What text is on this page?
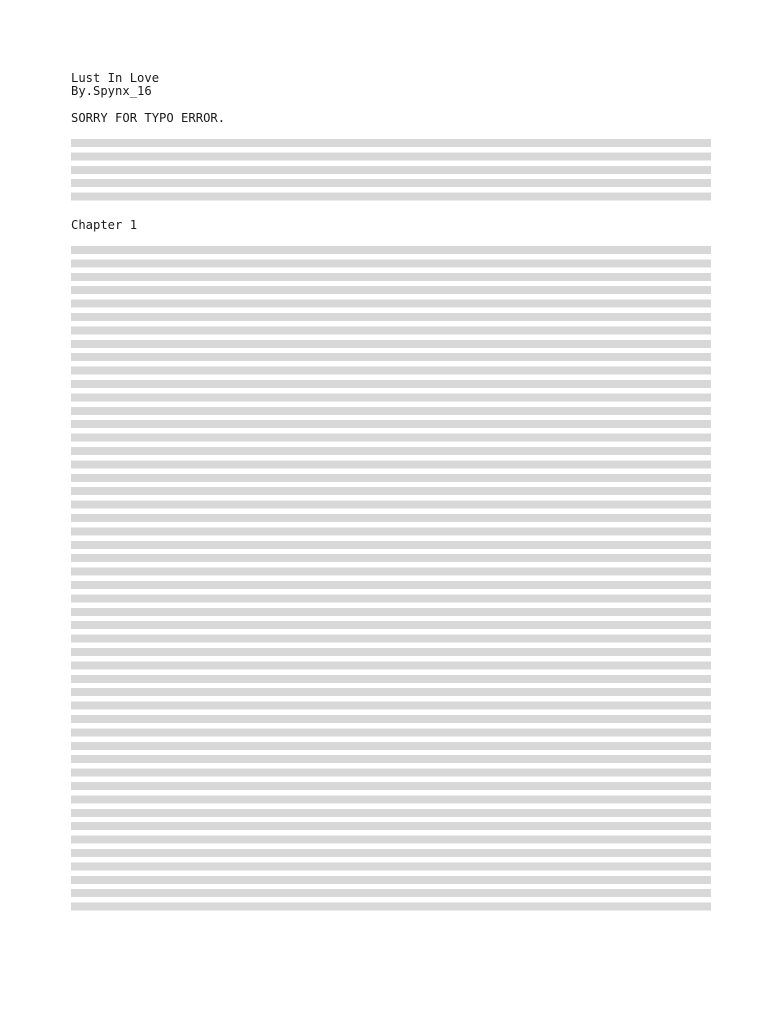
Lust In Love
By.Spynx_16
SORRY FOR TYPO ERROR.
Chapter 1
